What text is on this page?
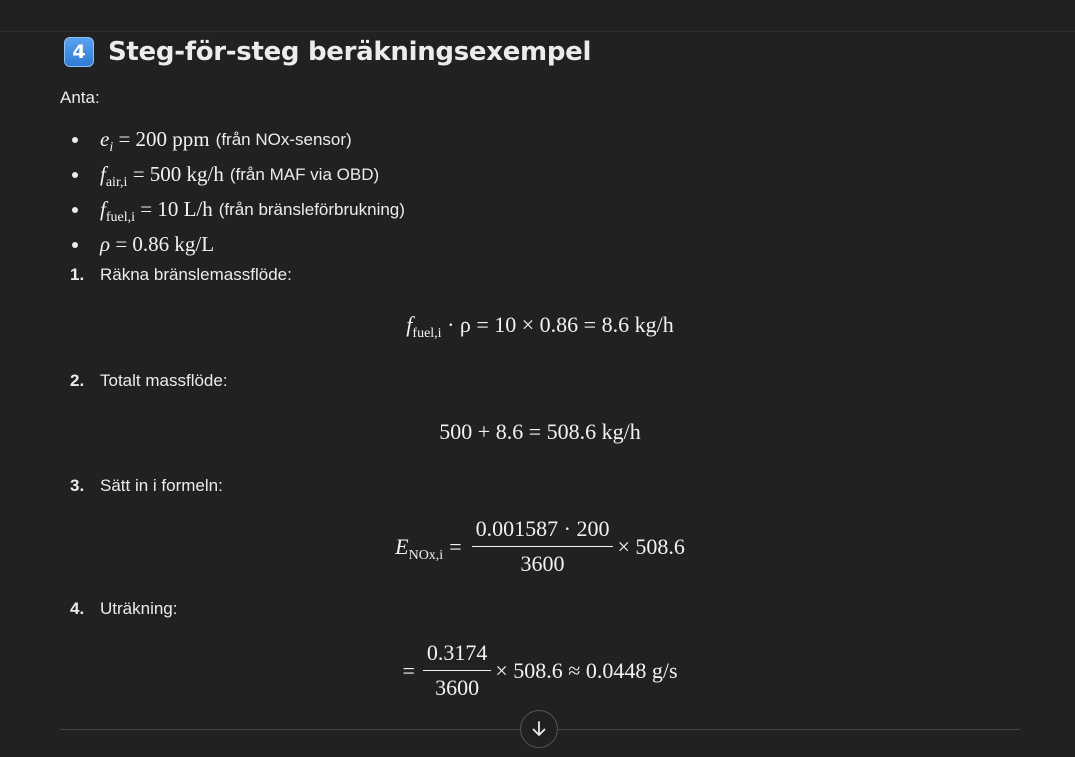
4 Steg-för-steg beräkningsexempel
Anta:
$e_i = 200$ ppm (från NOx-sensor)
$f_{air,i} = 500$ kg/h (från MAF via OBD)
$f_{fuel,i} = 10$ L/h (från bränsleförbrukning)
ρ = 0.86 kg/L
1. Räkna bränslemassflöde:
$f_{fuel,i} \cdot \rho = 10 \times 0.86 = 8.6$ kg/h
2. Totalt massflöde:
500 + 8.6 = 508.6 kg/h
3. Sätt in i formeln:
$E_{NOx,i} = \frac{0.001587 \cdot 200}{3600} \times 508.6$
4. Uträkning:
= $\frac{0.3174}{3600} \times 508.6 \approx 0.0448$ g/s
